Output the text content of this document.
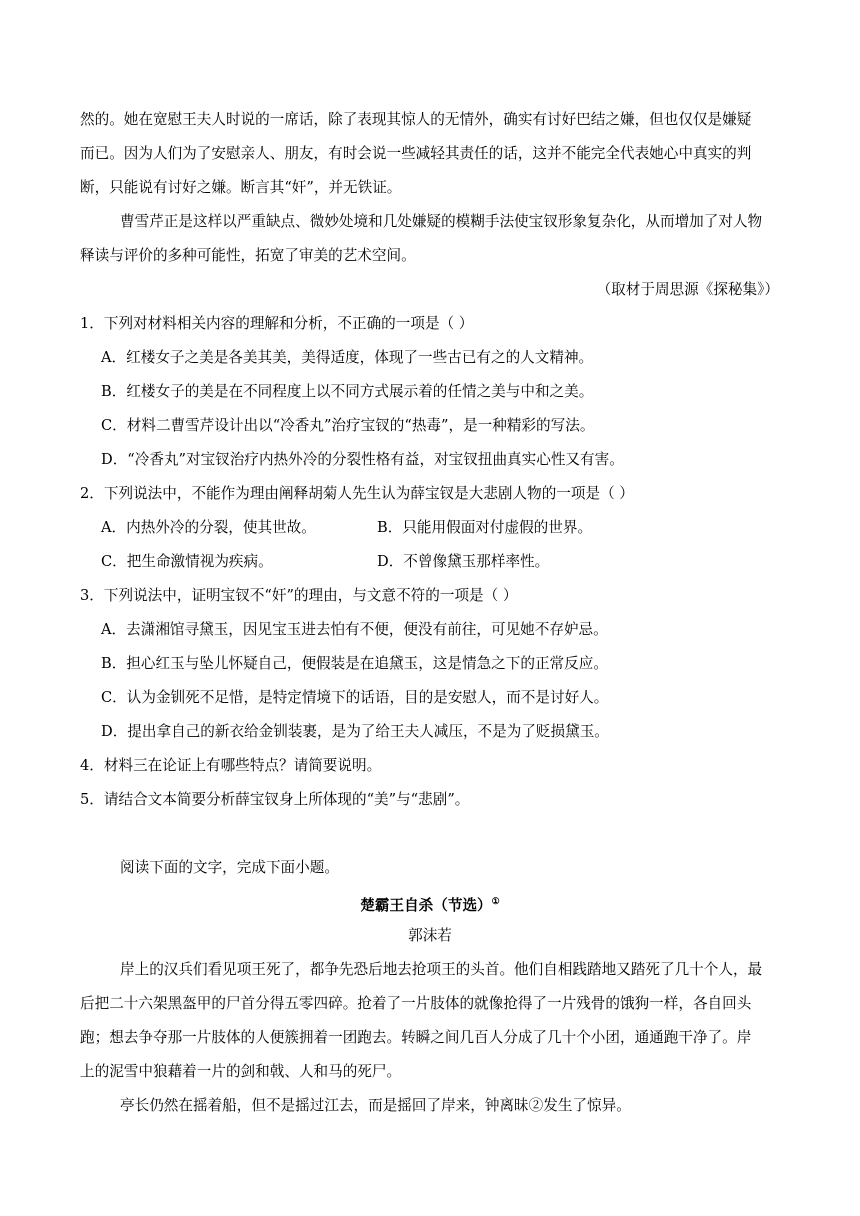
然的。她在宽慰王夫人时说的一席话，除了表现其惊人的无情外，确实有讨好巴结之嫌，但也仅仅是嫌疑
而已。因为人们为了安慰亲人、朋友，有时会说一些减轻其责任的话，这并不能完全代表她心中真实的判
断，只能说有讨好之嫌。断言其“奸”，并无铁证。
曹雪芹正是这样以严重缺点、微妙处境和几处嫌疑的模糊手法使宝钗形象复杂化，从而增加了对人物
释读与评价的多种可能性，拓宽了审美的艺术空间。
（取材于周思源《探秘集》）
1．下列对材料相关内容的理解和分析，不正确的一项是（ ）
A．红楼女子之美是各美其美，美得适度，体现了一些古已有之的人文精神。
B．红楼女子的美是在不同程度上以不同方式展示着的任情之美与中和之美。
C．材料二曹雪芹设计出以“冷香丸”治疗宝钗的“热毒”，是一种精彩的写法。
D．“冷香丸”对宝钗治疗内热外冷的分裂性格有益，对宝钗扭曲真实心性又有害。
2．下列说法中，不能作为理由阐释胡菊人先生认为薛宝钗是大悲剧人物的一项是（ ）
A．内热外冷的分裂，使其世故。	B．只能用假面对付虚假的世界。
C．把生命激情视为疾病。	D．不曾像黛玉那样率性。
3．下列说法中，证明宝钗不“奸”的理由，与文意不符的一项是（ ）
A．去潇湘馆寻黛玉，因见宝玉进去怕有不便，便没有前往，可见她不存妒忌。
B．担心红玉与坠儿怀疑自己，便假装是在追黛玉，这是情急之下的正常反应。
C．认为金钏死不足惜，是特定情境下的话语，目的是安慰人，而不是讨好人。
D．提出拿自己的新衣给金钏装裹，是为了给王夫人减压，不是为了贬损黛玉。
4．材料三在论证上有哪些特点？请简要说明。
5．请结合文本简要分析薛宝钗身上所体现的“美”与“悲剧”。
阅读下面的文字，完成下面小题。
楚霸王自杀（节选）①
郭沫若
岸上的汉兵们看见项王死了，都争先恐后地去抢项王的头首。他们自相践踏地又踏死了几十个人，最
后把二十六架黑盔甲的尸首分得五零四碎。抢着了一片肢体的就像抢得了一片残骨的饿狗一样，各自回头
跑；想去争夺那一片肢体的人便簇拥着一团跑去。转瞬之间几百人分成了几十个小团，通通跑干净了。岸
上的泥雪中狼藉着一片的剑和戟、人和马的死尸。
亭长仍然在摇着船，但不是摇过江去，而是摇回了岸来，钟离昧②发生了惊异。
